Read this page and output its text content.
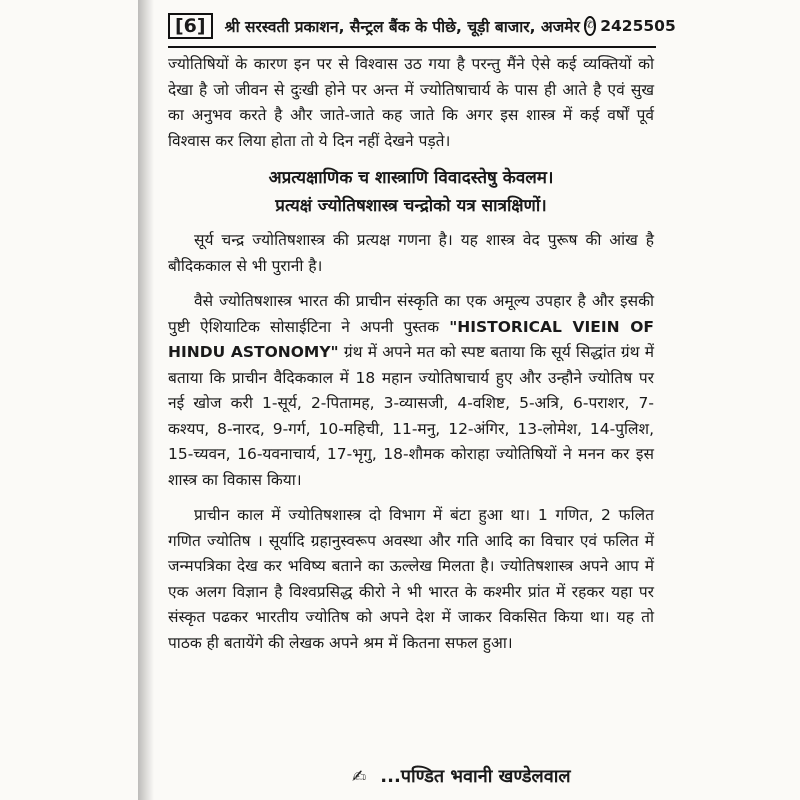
[6]	श्री सरस्वती प्रकाशन, सैन्ट्रल बैंक के पीछे, चूड़ी बाजार, अजमेर ✆ 2425505

ज्योतिषियों के कारण इन पर से विश्वास उठ गया है परन्तु मैंने ऐसे कई व्यक्तियों को देखा है जो जीवन से दुःखी होने पर अन्त में ज्योतिषाचार्य के पास ही आते है एवं सुख का अनुभव करते है और जाते-जाते कह जाते कि अगर इस शास्त्र में कई वर्षों पूर्व विश्वास कर लिया होता तो ये दिन नहीं देखने पड़ते।

अप्रत्यक्षाणिक च शास्त्राणि विवादस्तेषु केवलम।
प्रत्यक्षं ज्योतिषशास्त्र चन्द्रोको यत्र सात्रक्षिणों।

सूर्य चन्द्र ज्योतिषशास्त्र की प्रत्यक्ष गणना है। यह शास्त्र वेद पुरूष की आंख है बौदिककाल से भी पुरानी है।

वैसे ज्योतिषशास्त्र भारत की प्राचीन संस्कृति का एक अमूल्य उपहार है और इसकी पुष्टी ऐशियाटिक सोसाईटिना ने अपनी पुस्तक "HISTORICAL VIEIN OF HINDU ASTONOMY" ग्रंथ में अपने मत को स्पष्ट बताया कि सूर्य सिद्धांत ग्रंथ में बताया कि प्राचीन वैदिककाल में 18 महान ज्योतिषाचार्य हुए और उन्हौने ज्योतिष पर नई खोज करी 1-सूर्य, 2-पितामह, 3-व्यासजी, 4-वशिष्ट, 5-अत्रि, 6-पराशर, 7-कश्यप, 8-नारद, 9-गर्ग, 10-महिची, 11-मनु, 12-अंगिर, 13-लोमेश, 14-पुलिश, 15-च्यवन, 16-यवनाचार्य, 17-भृगु, 18-शौमक कोराहा ज्योतिषियों ने मनन कर इस शास्त्र का विकास किया।

प्राचीन काल में ज्योतिषशास्त्र दो विभाग में बंटा हुआ था। 1 गणित, 2 फलित गणित ज्योतिष । सूर्यादि ग्रहानुस्वरूप अवस्था और गति आदि का विचार एवं फलित में जन्मपत्रिका देख कर भविष्य बताने का ऊल्लेख मिलता है। ज्योतिषशास्त्र अपने आप में एक अलग विज्ञान है विश्वप्रसिद्ध कीरो ने भी भारत के कश्मीर प्रांत में रहकर यहा पर संस्कृत पढकर भारतीय ज्योतिष को अपने देश में जाकर विकसित किया था। यह तो पाठक ही बतायेंगे की लेखक अपने श्रम में कितना सफल हुआ।

✍ ...पण्डित भवानी खण्डेलवाल
